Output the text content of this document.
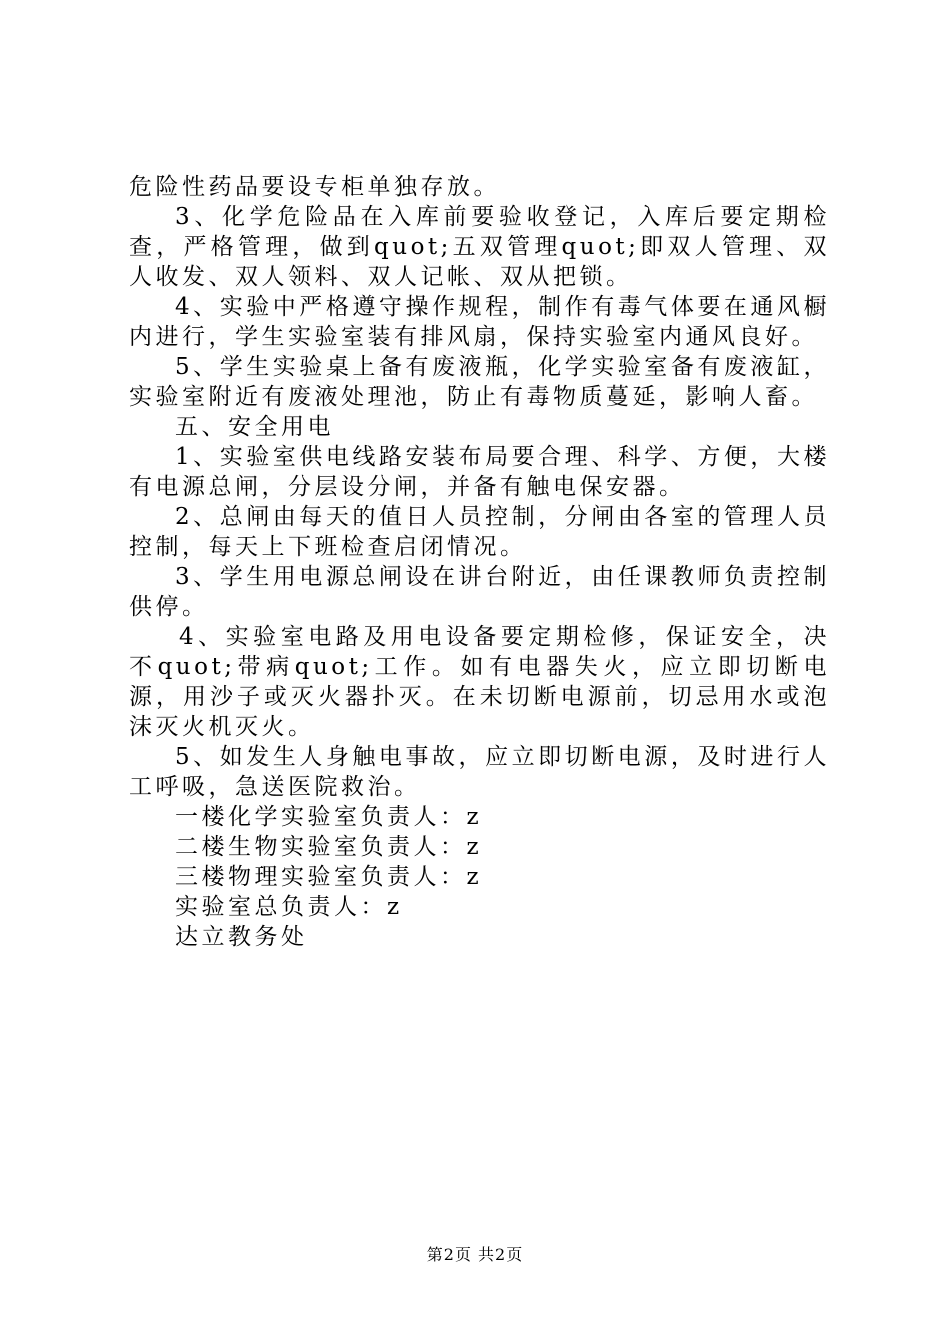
危险性药品要设专柜单独存放。

3、化学危险品在入库前要验收登记，入库后要定期检查，严格管理，做到quot;五双管理quot;即双人管理、双人收发、双人领料、双人记帐、双从把锁。

4、实验中严格遵守操作规程，制作有毒气体要在通风橱内进行，学生实验室装有排风扇，保持实验室内通风良好。

5、学生实验桌上备有废液瓶，化学实验室备有废液缸，实验室附近有废液处理池，防止有毒物质蔓延，影响人畜。

五、安全用电

1、实验室供电线路安装布局要合理、科学、方便，大楼有电源总闸，分层设分闸，并备有触电保安器。

2、总闸由每天的值日人员控制，分闸由各室的管理人员控制，每天上下班检查启闭情况。

3、学生用电源总闸设在讲台附近，由任课教师负责控制供停。

4、实验室电路及用电设备要定期检修，保证安全，决不quot;带病quot;工作。如有电器失火，应立即切断电源，用沙子或灭火器扑灭。在未切断电源前，切忌用水或泡沫灭火机灭火。

5、如发生人身触电事故，应立即切断电源，及时进行人工呼吸，急送医院救治。

一楼化学实验室负责人：z

二楼生物实验室负责人：z

三楼物理实验室负责人：z

实验室总负责人：z

达立教务处

第2页 共2页
